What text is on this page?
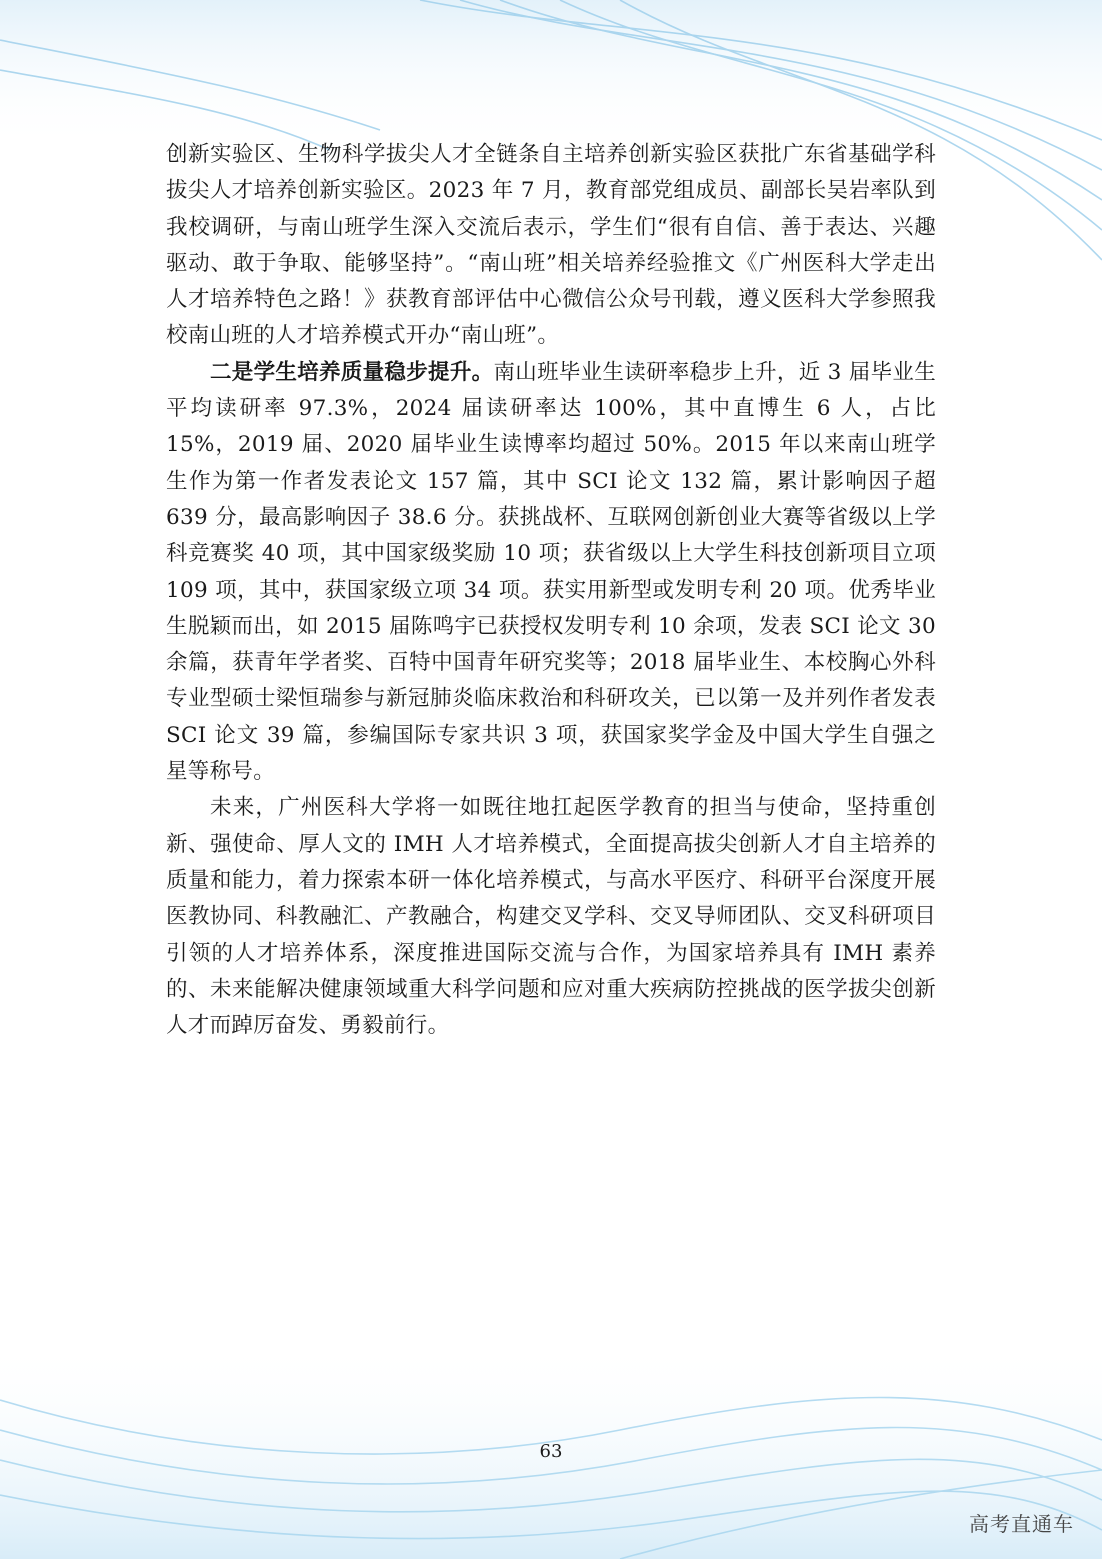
创新实验区、生物科学拔尖人才全链条自主培养创新实验区获批广东省基础学科拔尖人才培养创新实验区。2023 年 7 月，教育部党组成员、副部长吴岩率队到我校调研，与南山班学生深入交流后表示，学生们“很有自信、善于表达、兴趣驱动、敢于争取、能够坚持”。“南山班”相关培养经验推文《广州医科大学走出人才培养特色之路！》获教育部评估中心微信公众号刊载，遵义医科大学参照我校南山班的人才培养模式开办“南山班”。

二是学生培养质量稳步提升。南山班毕业生读研率稳步上升，近 3 届毕业生平均读研率 97.3%，2024 届读研率达 100%，其中直博生 6 人，占比 15%，2019 届、2020 届毕业生读博率均超过 50%。2015 年以来南山班学生作为第一作者发表论文 157 篇，其中 SCI 论文 132 篇，累计影响因子超 639 分，最高影响因子 38.6 分。获挑战杯、互联网创新创业大赛等省级以上学科竞赛奖 40 项，其中国家级奖励 10 项；获省级以上大学生科技创新项目立项 109 项，其中，获国家级立项 34 项。获实用新型或发明专利 20 项。优秀毕业生脱颖而出，如 2015 届陈鸣宇已获授权发明专利 10 余项，发表 SCI 论文 30 余篇，获青年学者奖、百特中国青年研究奖等；2018 届毕业生、本校胸心外科专业型硕士梁恒瑞参与新冠肺炎临床救治和科研攻关，已以第一及并列作者发表 SCI 论文 39 篇，参编国际专家共识 3 项，获国家奖学金及中国大学生自强之星等称号。

未来，广州医科大学将一如既往地扛起医学教育的担当与使命，坚持重创新、强使命、厚人文的 IMH 人才培养模式，全面提高拔尖创新人才自主培养的质量和能力，着力探索本研一体化培养模式，与高水平医疗、科研平台深度开展医教协同、科教融汇、产教融合，构建交叉学科、交叉导师团队、交叉科研项目引领的人才培养体系，深度推进国际交流与合作，为国家培养具有 IMH 素养的、未来能解决健康领域重大科学问题和应对重大疾病防控挑战的医学拔尖创新人才而踔厉奋发、勇毅前行。

63
高考直通车
